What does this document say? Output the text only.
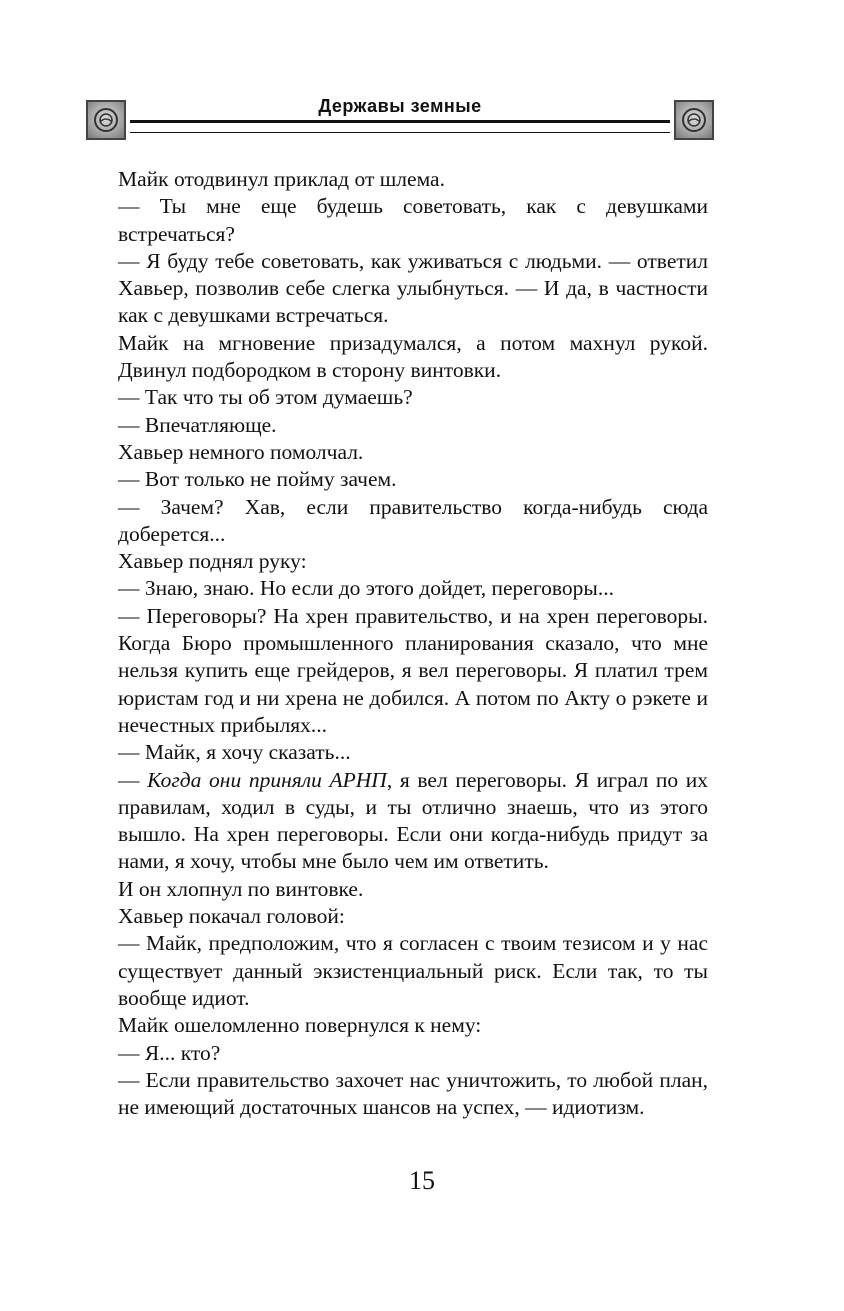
Державы земные

Майк отодвинул приклад от шлема.

— Ты мне еще будешь советовать, как с девушками встречаться?

— Я буду тебе советовать, как уживаться с людьми. — ответил Хавьер, позволив себе слегка улыбнуться. — И да, в частности как с девушками встречаться.

Майк на мгновение призадумался, а потом махнул рукой. Двинул подбородком в сторону винтовки.

— Так что ты об этом думаешь?

— Впечатляюще.

Хавьер немного помолчал.

— Вот только не пойму зачем.

— Зачем? Хав, если правительство когда-нибудь сюда доберется...

Хавьер поднял руку:

— Знаю, знаю. Но если до этого дойдет, переговоры...

— Переговоры? На хрен правительство, и на хрен переговоры. Когда Бюро промышленного планирования сказало, что мне нельзя купить еще грейдеров, я вел переговоры. Я платил трем юристам год и ни хрена не добился. А потом по Акту о рэкете и нечестных прибылях...

— Майк, я хочу сказать...

— Когда они приняли АРНП, я вел переговоры. Я играл по их правилам, ходил в суды, и ты отлично знаешь, что из этого вышло. На хрен переговоры. Если они когда-нибудь придут за нами, я хочу, чтобы мне было чем им ответить.

И он хлопнул по винтовке.

Хавьер покачал головой:

— Майк, предположим, что я согласен с твоим тезисом и у нас существует данный экзистенциальный риск. Если так, то ты вообще идиот.

Майк ошеломленно повернулся к нему:

— Я... кто?

— Если правительство захочет нас уничтожить, то любой план, не имеющий достаточных шансов на успех, — идиотизм.

15
